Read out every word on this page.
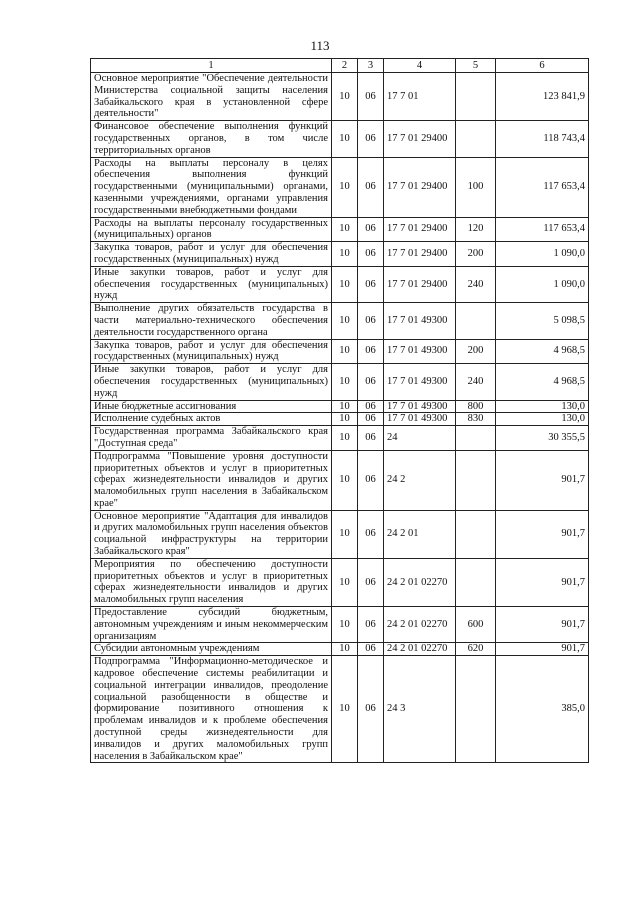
113
1	2	3	4	5	6
Основное мероприятие "Обеспечение деятельности Министерства социальной защиты населения Забайкальского края в установленной сфере деятельности"	10	06	17 7 01		123 841,9
Финансовое обеспечение выполнения функций государственных органов, в том числе территориальных органов	10	06	17 7 01 29400		118 743,4
Расходы на выплаты персоналу в целях обеспечения выполнения функций государственными (муниципальными) органами, казенными учреждениями, органами управления государственными внебюджетными фондами	10	06	17 7 01 29400	100	117 653,4
Расходы на выплаты персоналу государственных (муниципальных) органов	10	06	17 7 01 29400	120	117 653,4
Закупка товаров, работ и услуг для обеспечения государственных (муниципальных) нужд	10	06	17 7 01 29400	200	1 090,0
Иные закупки товаров, работ и услуг для обеспечения государственных (муниципальных) нужд	10	06	17 7 01 29400	240	1 090,0
Выполнение других обязательств государства в части материально-технического обеспечения деятельности государственного органа	10	06	17 7 01 49300		5 098,5
Закупка товаров, работ и услуг для обеспечения государственных (муниципальных) нужд	10	06	17 7 01 49300	200	4 968,5
Иные закупки товаров, работ и услуг для обеспечения государственных (муниципальных) нужд	10	06	17 7 01 49300	240	4 968,5
Иные бюджетные ассигнования	10	06	17 7 01 49300	800	130,0
Исполнение судебных актов	10	06	17 7 01 49300	830	130,0
Государственная программа Забайкальского края "Доступная среда"	10	06	24		30 355,5
Подпрограмма "Повышение уровня доступности приоритетных объектов и услуг в приоритетных сферах жизнедеятельности инвалидов и других маломобильных групп населения в Забайкальском крае"	10	06	24 2		901,7
Основное мероприятие "Адаптация для инвалидов и других маломобильных групп населения объектов социальной инфраструктуры на территории Забайкальского края"	10	06	24 2 01		901,7
Мероприятия по обеспечению доступности приоритетных объектов и услуг в приоритетных сферах жизнедеятельности инвалидов и других маломобильных групп населения	10	06	24 2 01 02270		901,7
Предоставление субсидий бюджетным, автономным учреждениям и иным некоммерческим организациям	10	06	24 2 01 02270	600	901,7
Субсидии автономным учреждениям	10	06	24 2 01 02270	620	901,7
Подпрограмма "Информационно-методическое и кадровое обеспечение системы реабилитации и социальной интеграции инвалидов, преодоление социальной разобщенности в обществе и формирование позитивного отношения к проблемам инвалидов и к проблеме обеспечения доступной среды жизнедеятельности для инвалидов и других маломобильных групп населения в Забайкальском крае"	10	06	24 3		385,0
